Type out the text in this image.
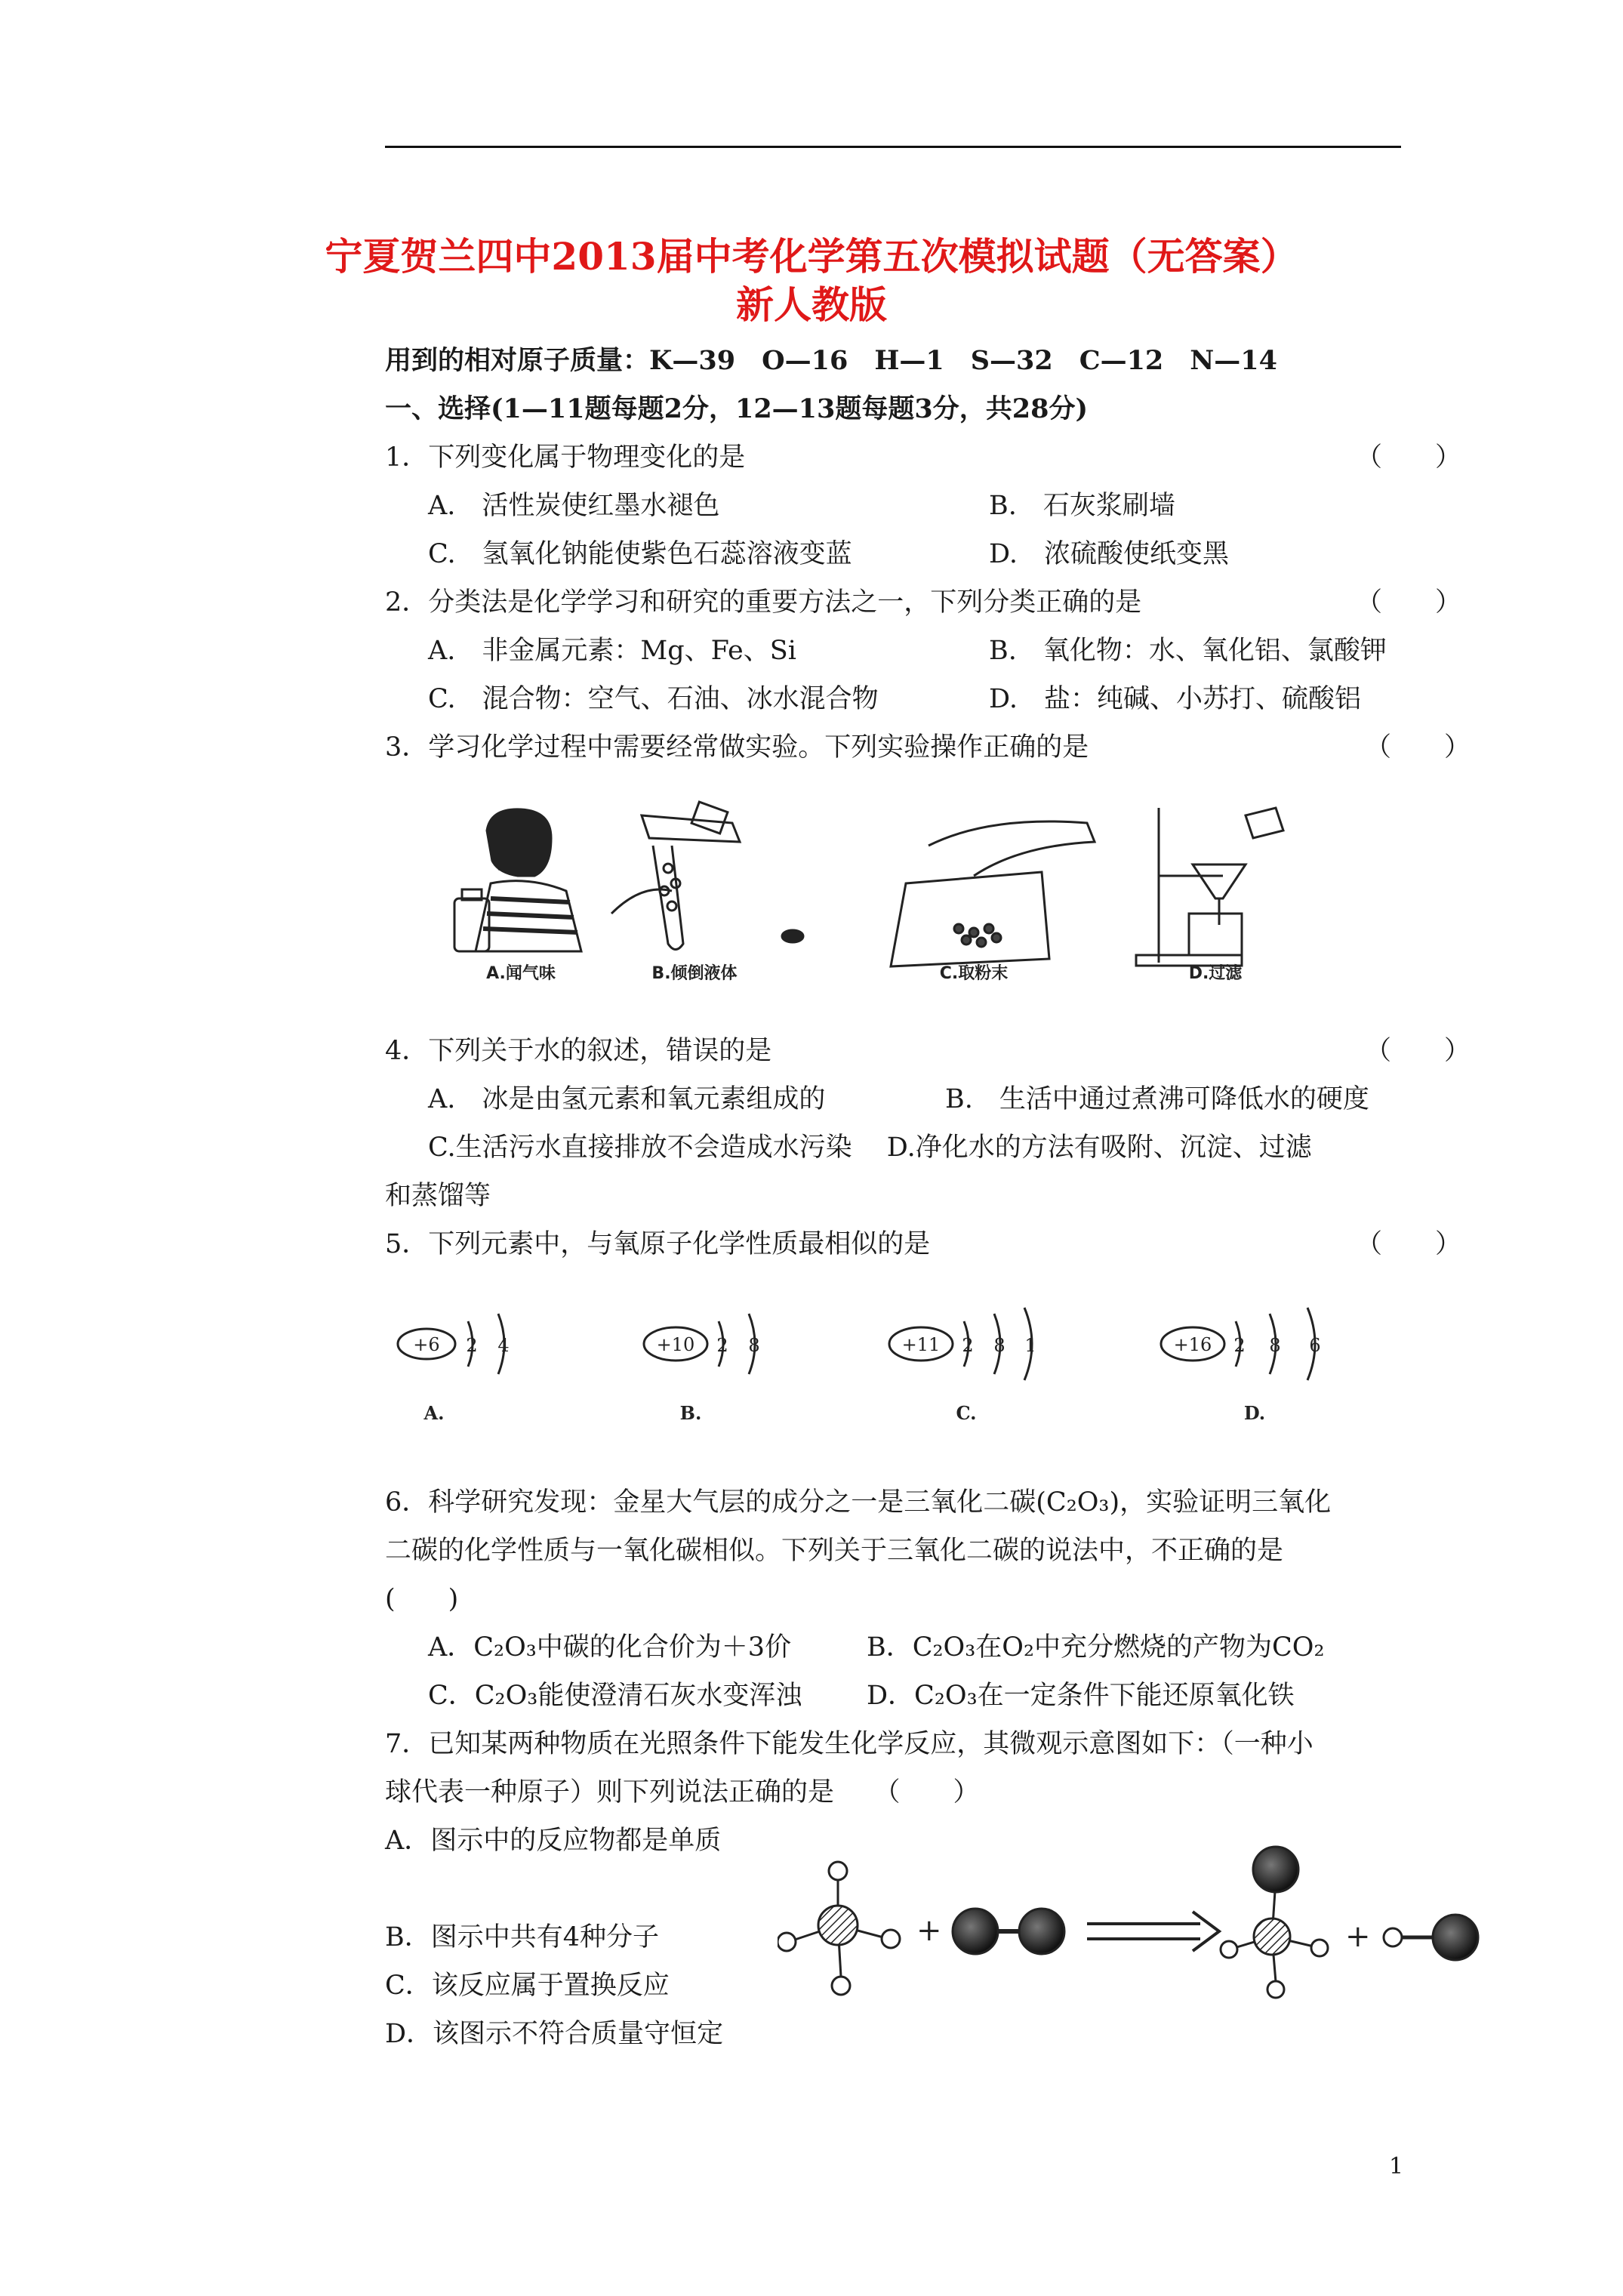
宁夏贺兰四中2013届中考化学第五次模拟试题（无答案）
新人教版
用到的相对原子质量：K—39　O—16　H—1　S—32　C—12　N—14
一、选择(1—11题每题2分，12—13题每题3分，共28分)
1．下列变化属于物理变化的是	（　　）
A.　活性炭使红墨水褪色	B.　石灰浆刷墙
C.　氢氧化钠能使紫色石蕊溶液变蓝	D.　浓硫酸使纸变黑
2．分类法是化学学习和研究的重要方法之一，下列分类正确的是	（　　）
A.　非金属元素：Mg、Fe、Si	B.　氧化物：水、氧化铝、氯酸钾
C.　混合物：空气、石油、冰水混合物	D.　盐：纯碱、小苏打、硫酸铝
3．学习化学过程中需要经常做实验。下列实验操作正确的是	（　　）
A.闻气味	B.倾倒液体	C.取粉末	D.过滤
4．下列关于水的叙述，错误的是	（　　）
A.　冰是由氢元素和氧元素组成的	B.　生活中通过煮沸可降低水的硬度
C.生活污水直接排放不会造成水污染　 D.净化水的方法有吸附、沉淀、过滤
和蒸馏等
5．下列元素中，与氧原子化学性质最相似的是	（　　）
+6 2 4
A.
+10 2 8
B.
+11 2 8 1
C.
+16 2 8 6
D.
6．科学研究发现：金星大气层的成分之一是三氧化二碳(C₂O₃)，实验证明三氧化
二碳的化学性质与一氧化碳相似。下列关于三氧化二碳的说法中，不正确的是
(　　)
A．C₂O₃中碳的化合价为＋3价	B．C₂O₃在O₂中充分燃烧的产物为CO₂
C．C₂O₃能使澄清石灰水变浑浊 D．C₂O₃在一定条件下能还原氧化铁
7．已知某两种物质在光照条件下能发生化学反应，其微观示意图如下：（一种小
球代表一种原子）则下列说法正确的是　　（　　）
A．图示中的反应物都是单质
B．图示中共有4种分子
C．该反应属于置换反应
D．该图示不符合质量守恒定
+	+
1
